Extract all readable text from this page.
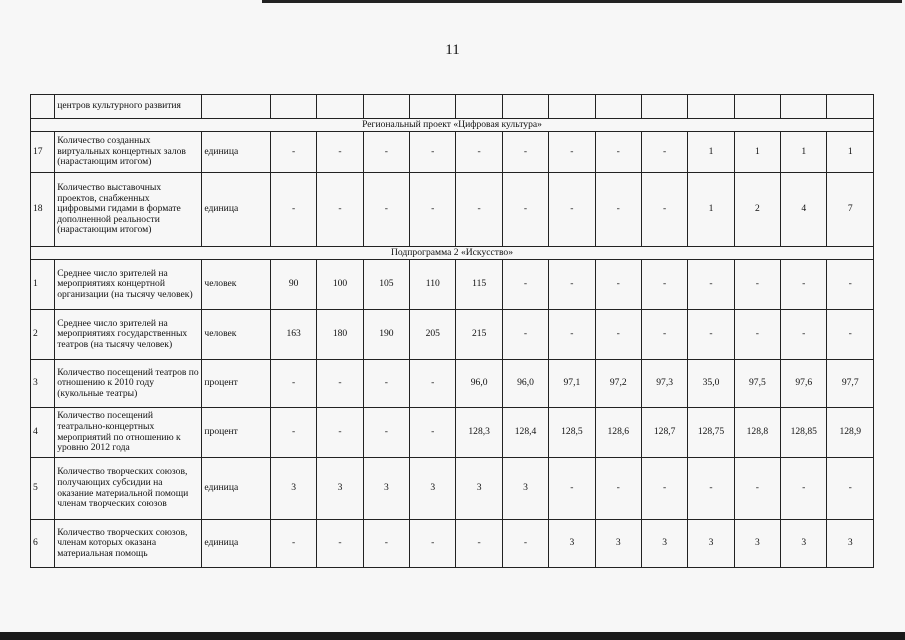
11
	центров культурного развития														
Региональный проект «Цифровая культура»															
17	Количество созданных виртуальных концертных залов (нарастающим итогом)	единица	-	-	-	-	-	-	-	-	-	1	1	1	1
18	Количество выставочных проектов, снабженных цифровыми гидами в формате дополненной реальности (нарастающим итогом)	единица	-	-	-	-	-	-	-	-	-	1	2	4	7
Подпрограмма 2 «Искусство»															
1	Среднее число зрителей на мероприятиях концертной организации (на тысячу человек)	человек	90	100	105	110	115	-	-	-	-	-	-	-	-
2	Среднее число зрителей на мероприятиях государственных театров (на тысячу человек)	человек	163	180	190	205	215	-	-	-	-	-	-	-	-
3	Количество посещений театров по отношению к 2010 году (кукольные театры)	процент	-	-	-	-	96,0	96,0	97,1	97,2	97,3	35,0	97,5	97,6	97,7
4	Количество посещений театрально-концертных мероприятий по отношению к уровню 2012 года	процент	-	-	-	-	128,3	128,4	128,5	128,6	128,7	128,75	128,8	128,85	128,9
5	Количество творческих союзов, получающих субсидии на оказание материальной помощи членам творческих союзов	единица	3	3	3	3	3	3	-	-	-	-	-	-	-
6	Количество творческих союзов, членам которых оказана материальная помощь	единица	-	-	-	-	-	-	3	3	3	3	3	3	3
